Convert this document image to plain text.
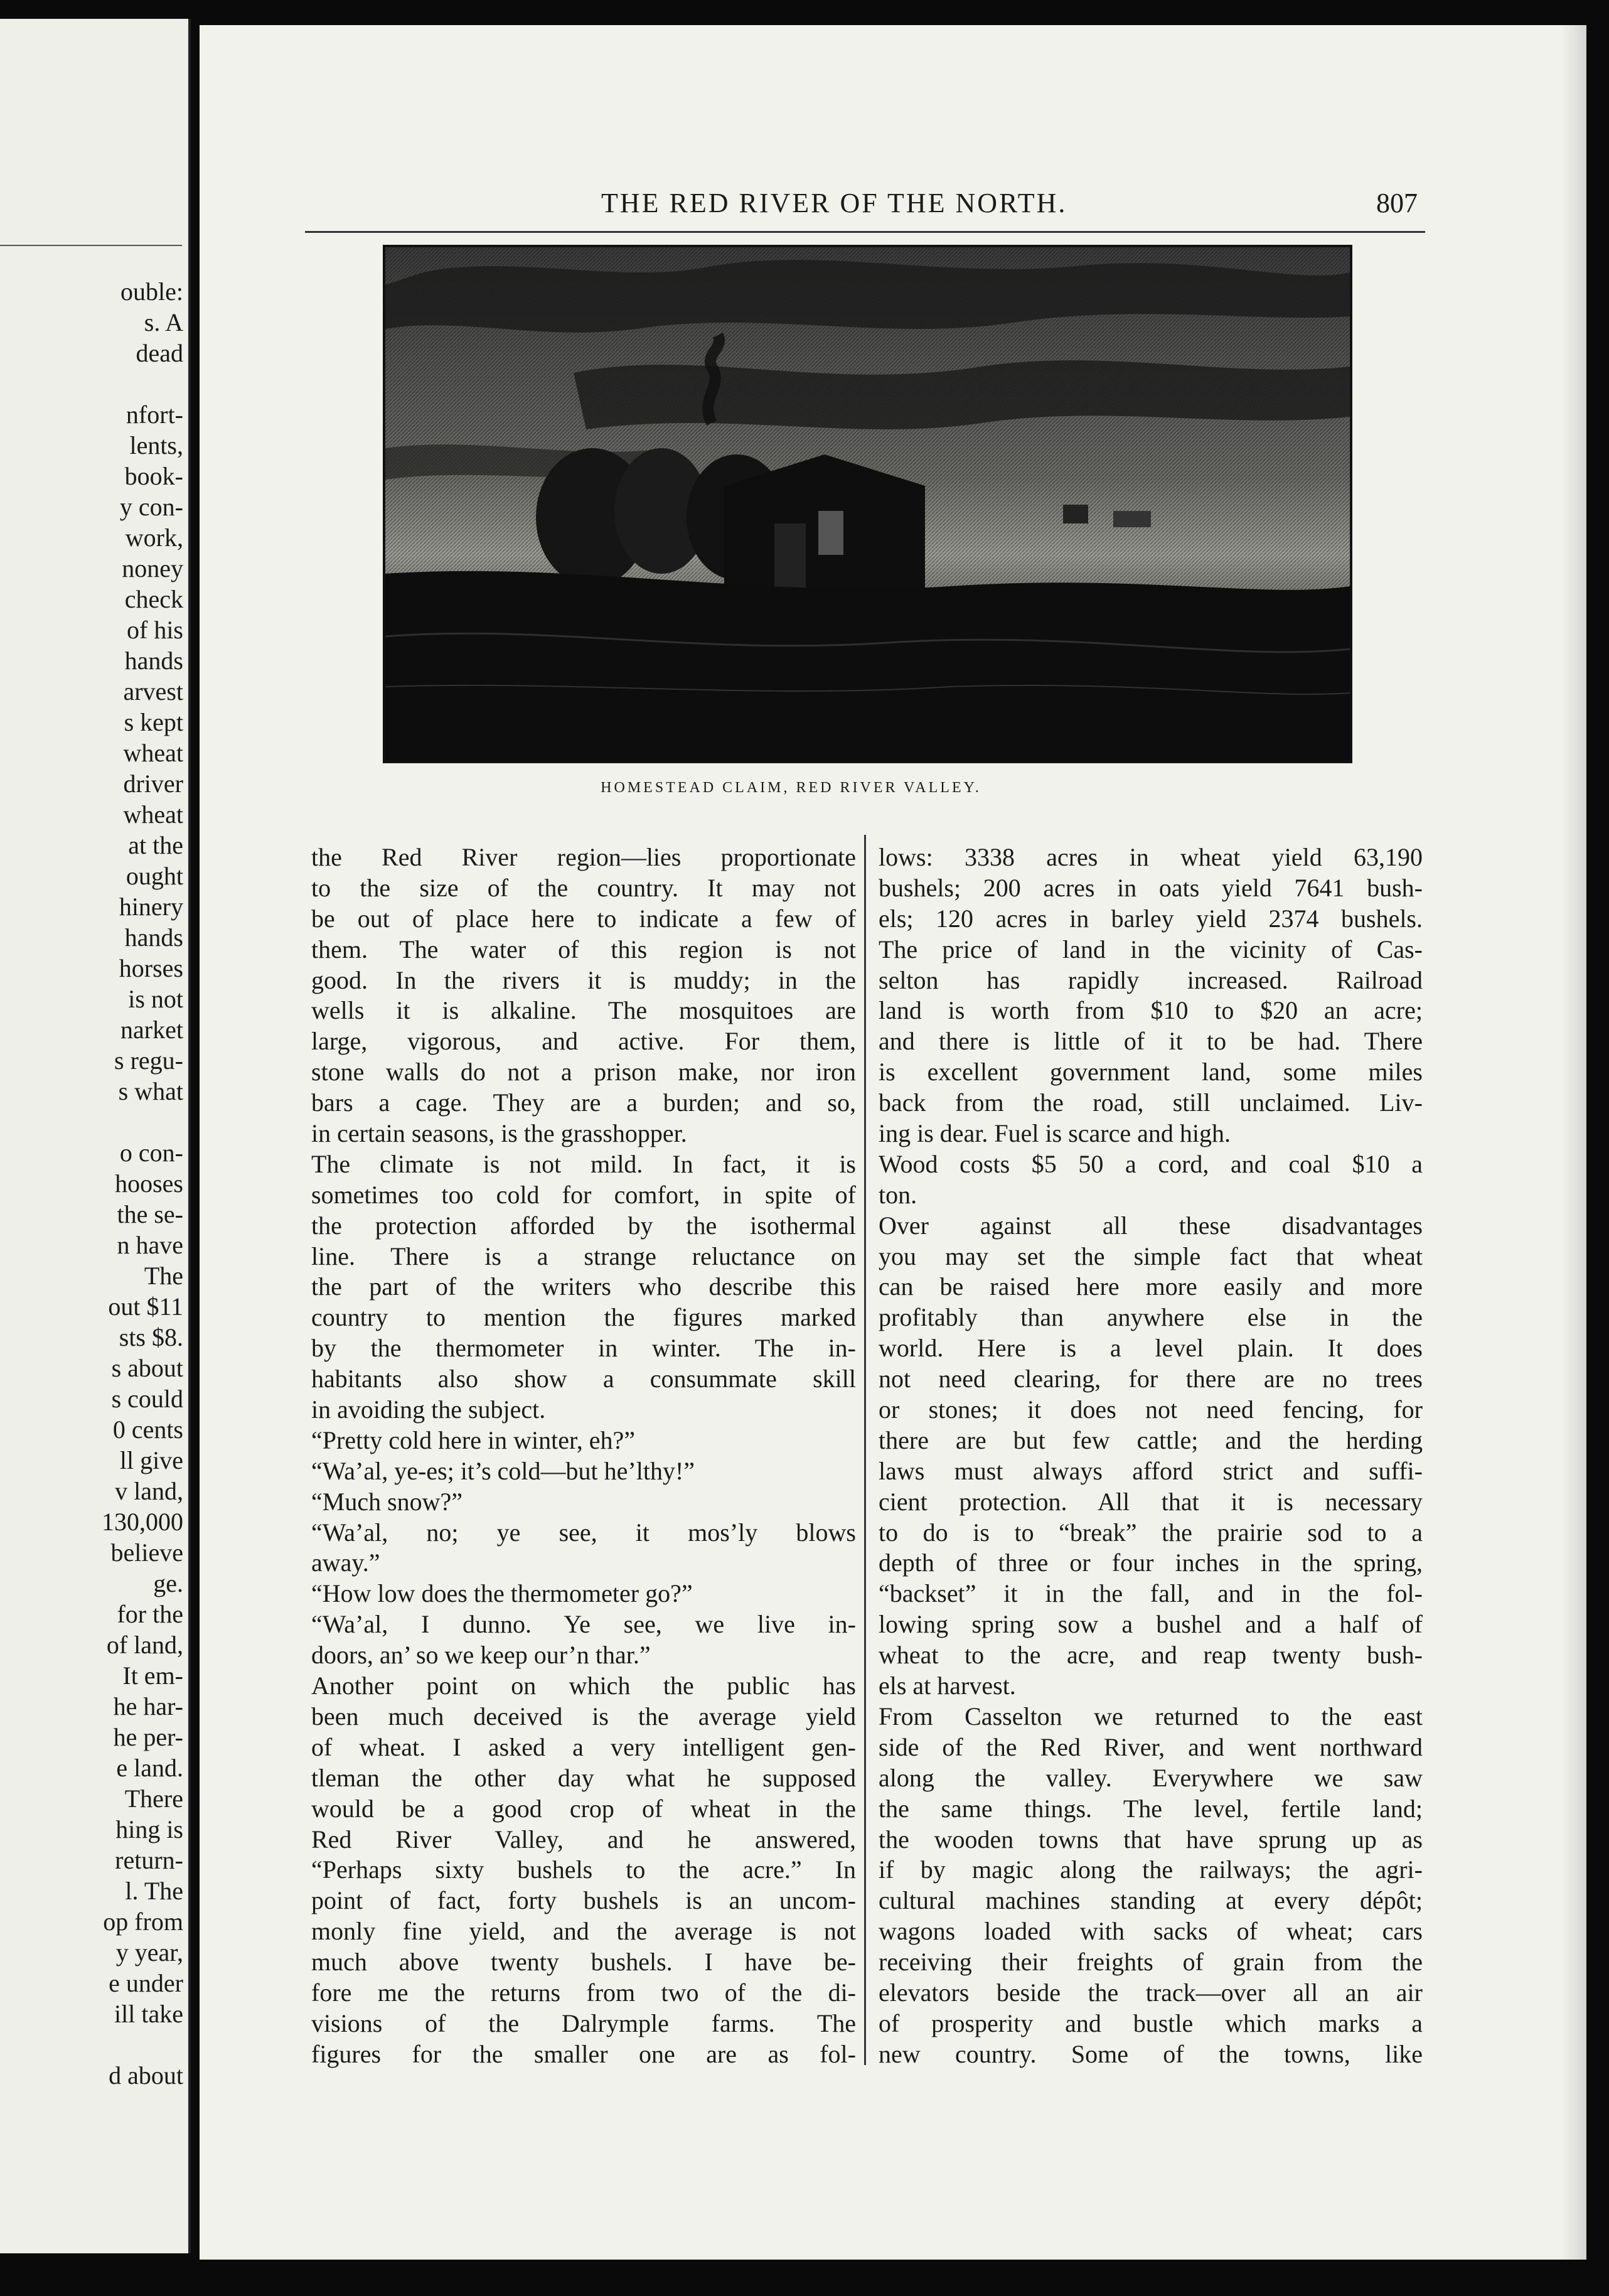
ouble:
s. A
dead
nfort-
lents,
book-
y con-
work,
noney
check
of his
hands
arvest
s kept
wheat
driver
wheat
at the
ought
hinery
hands
horses
is not
narket
s regu-
s what
o con-
hooses
the se-
n have
The
out $11
sts $8.
s about
s could
0 cents
ll give
v land,
130,000
believe
ge.
for the
of land,
It em-
he har-
he per-
e land.
There
hing is
return-
l. The
op from
y year,
e under
ill take
d about
THE RED RIVER OF THE NORTH.	807
HOMESTEAD CLAIM, RED RIVER VALLEY.
the Red River region—lies proportionate
to the size of the country. It may not
be out of place here to indicate a few of
them. The water of this region is not
good. In the rivers it is muddy; in the
wells it is alkaline. The mosquitoes are
large, vigorous, and active. For them,
stone walls do not a prison make, nor iron
bars a cage. They are a burden; and so,
in certain seasons, is the grasshopper.
The climate is not mild. In fact, it is
sometimes too cold for comfort, in spite of
the protection afforded by the isothermal
line. There is a strange reluctance on
the part of the writers who describe this
country to mention the figures marked
by the thermometer in winter. The in-
habitants also show a consummate skill
in avoiding the subject.
“Pretty cold here in winter, eh?”
“Wa’al, ye-es; it’s cold—but he’lthy!”
“Much snow?”
“Wa’al, no; ye see, it mos’ly blows
away.”
“How low does the thermometer go?”
“Wa’al, I dunno. Ye see, we live in-
doors, an’ so we keep our’n thar.”
Another point on which the public has
been much deceived is the average yield
of wheat. I asked a very intelligent gen-
tleman the other day what he supposed
would be a good crop of wheat in the
Red River Valley, and he answered,
“Perhaps sixty bushels to the acre.” In
point of fact, forty bushels is an uncom-
monly fine yield, and the average is not
much above twenty bushels. I have be-
fore me the returns from two of the di-
visions of the Dalrymple farms. The
figures for the smaller one are as fol-
lows: 3338 acres in wheat yield 63,190
bushels; 200 acres in oats yield 7641 bush-
els; 120 acres in barley yield 2374 bushels.
The price of land in the vicinity of Cas-
selton has rapidly increased. Railroad
land is worth from $10 to $20 an acre;
and there is little of it to be had. There
is excellent government land, some miles
back from the road, still unclaimed. Liv-
ing is dear. Fuel is scarce and high.
Wood costs $5 50 a cord, and coal $10 a
ton.
Over against all these disadvantages
you may set the simple fact that wheat
can be raised here more easily and more
profitably than anywhere else in the
world. Here is a level plain. It does
not need clearing, for there are no trees
or stones; it does not need fencing, for
there are but few cattle; and the herding
laws must always afford strict and suffi-
cient protection. All that it is necessary
to do is to “break” the prairie sod to a
depth of three or four inches in the spring,
“backset” it in the fall, and in the fol-
lowing spring sow a bushel and a half of
wheat to the acre, and reap twenty bush-
els at harvest.
From Casselton we returned to the east
side of the Red River, and went northward
along the valley. Everywhere we saw
the same things. The level, fertile land;
the wooden towns that have sprung up as
if by magic along the railways; the agri-
cultural machines standing at every dépôt;
wagons loaded with sacks of wheat; cars
receiving their freights of grain from the
elevators beside the track—over all an air
of prosperity and bustle which marks a
new country. Some of the towns, like
